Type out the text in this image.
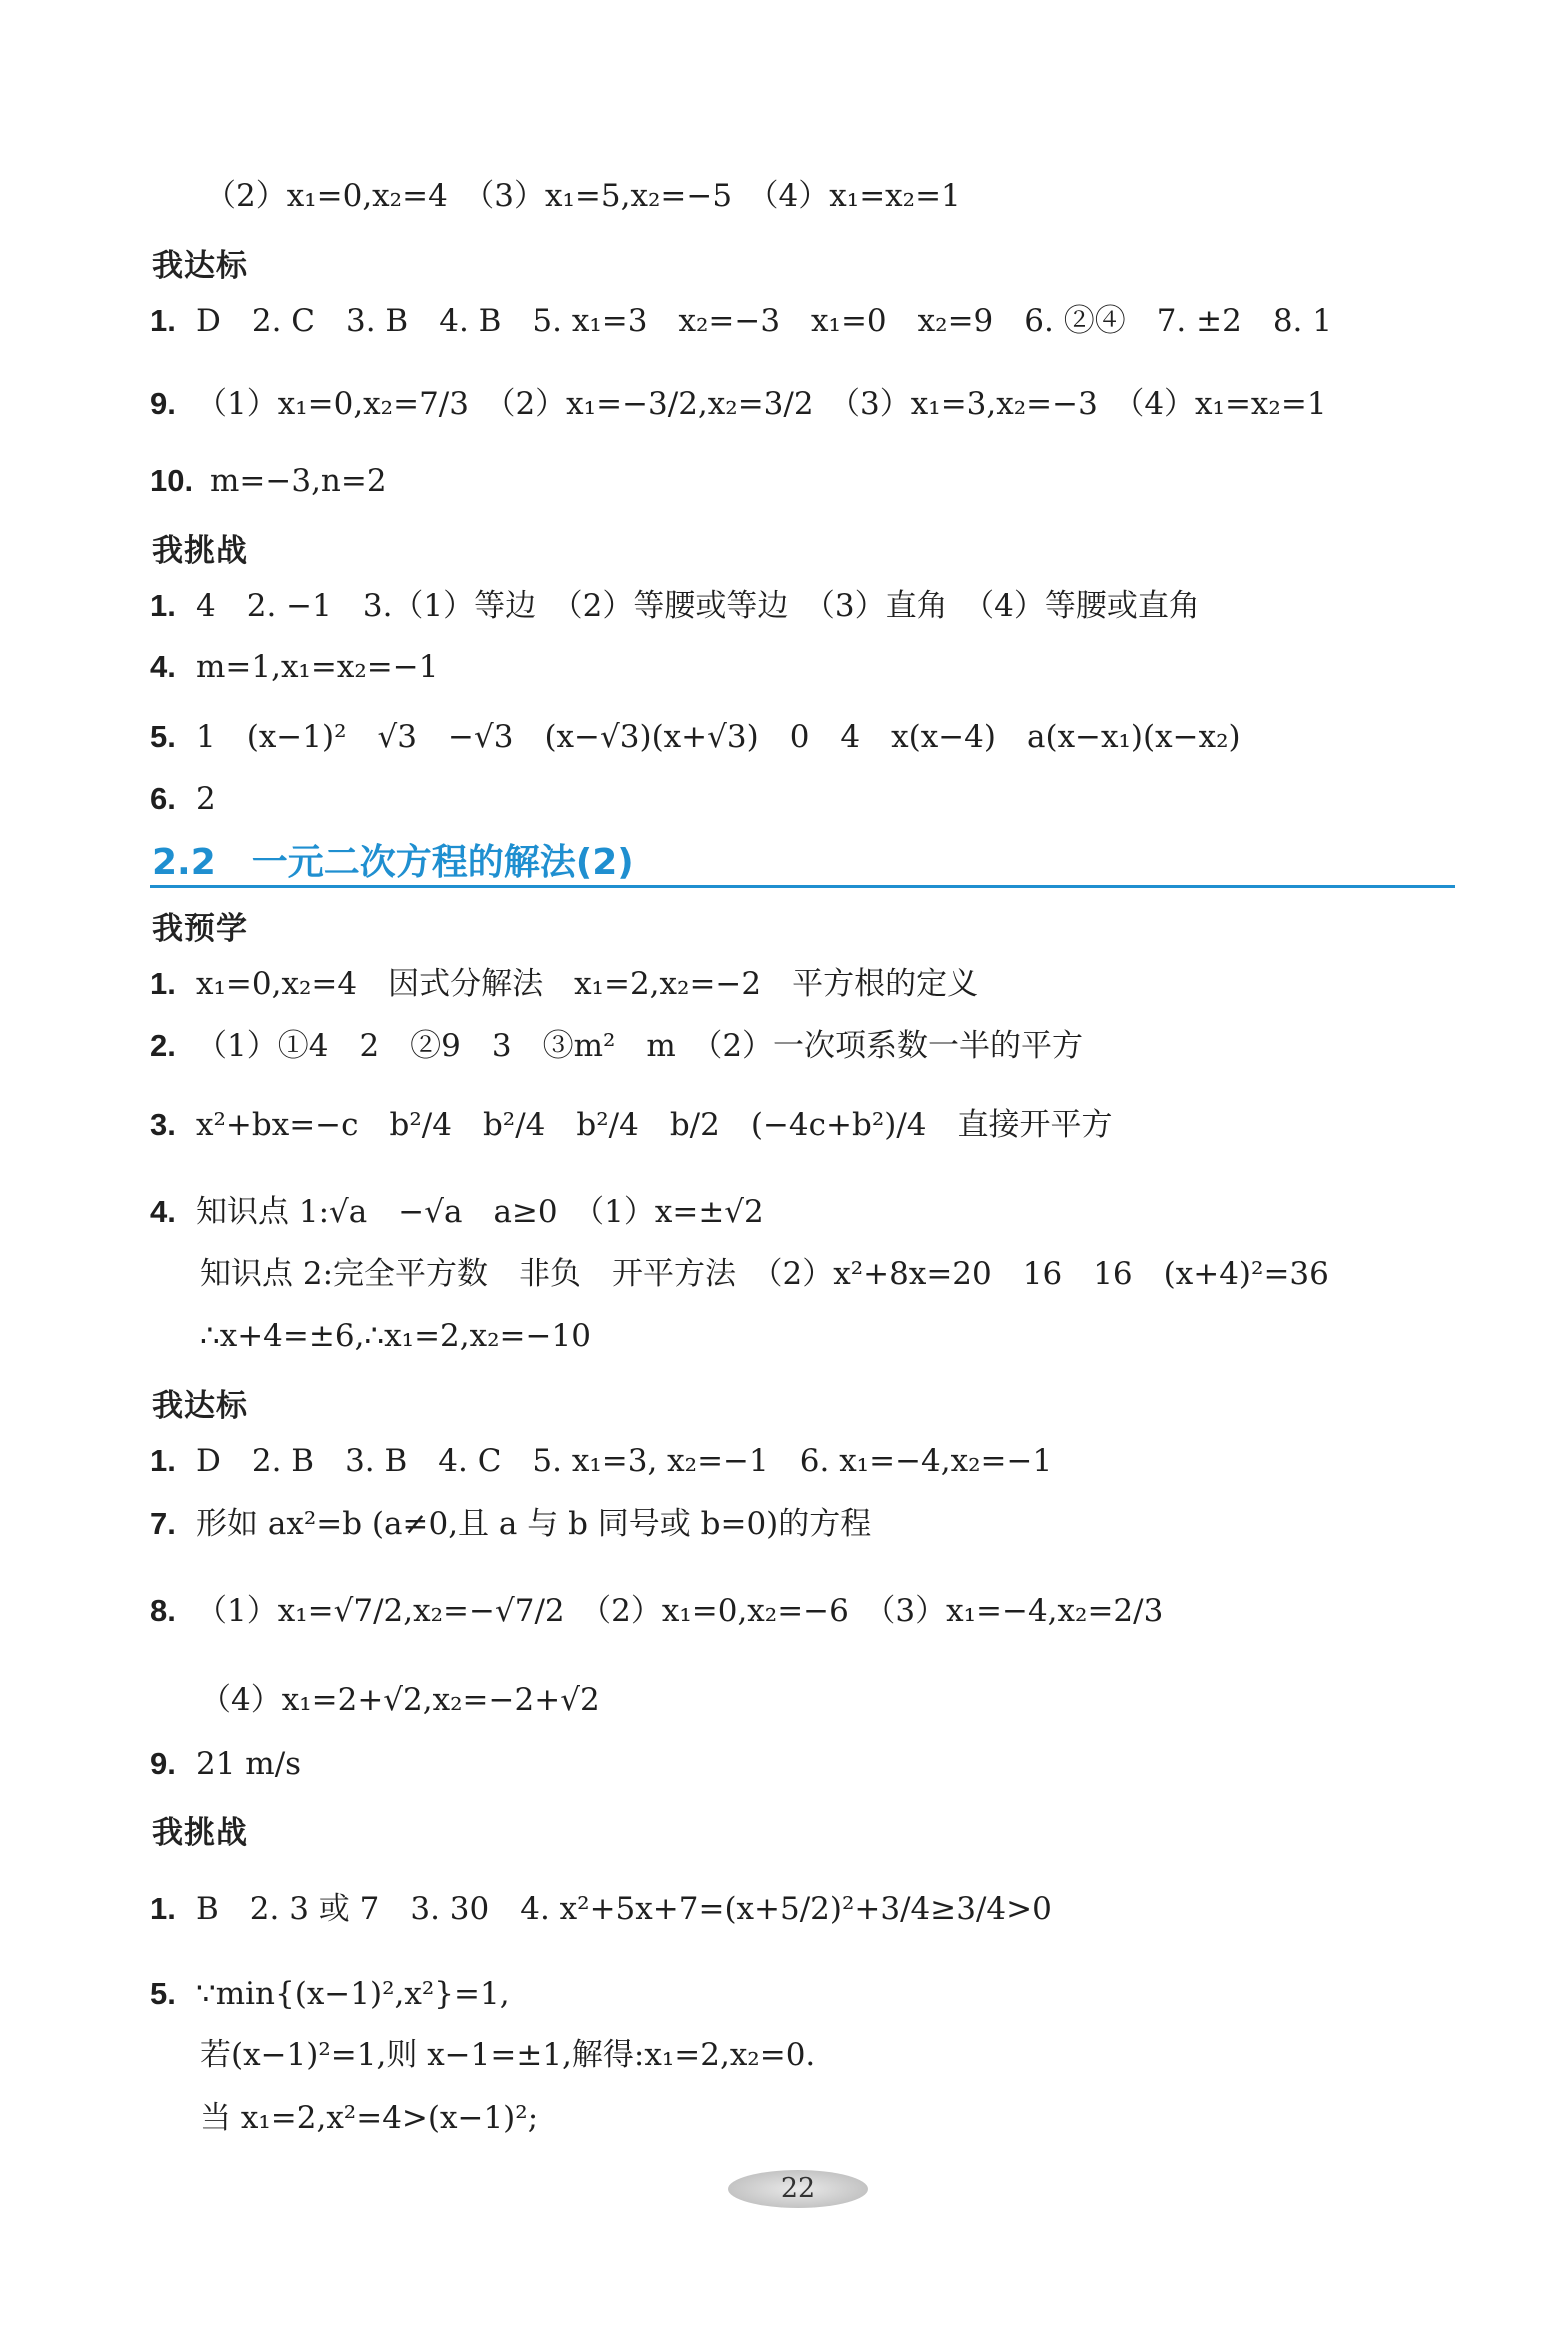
（2）x₁=0,x₂=4　（3）x₁=5,x₂=−5　（4）x₁=x₂=1
我达标
1. D　2. C　3. B　4. B　5. x₁=3　x₂=−3　x₁=0　x₂=9　6. ②④　7. ±2　8. 1
9. （1）x₁=0,x₂=7/3　（2）x₁=−3/2,x₂=3/2　（3）x₁=3,x₂=−3　（4）x₁=x₂=1
10. m=−3,n=2
我挑战
1. 4　2. −1　3.（1）等边　（2）等腰或等边　（3）直角　（4）等腰或直角
4. m=1,x₁=x₂=−1
5. 1　(x−1)²　√3　−√3　(x−√3)(x+√3)　0　4　x(x−4)　a(x−x₁)(x−x₂)
6. 2
2.2　一元二次方程的解法(2)
我预学
1. x₁=0,x₂=4　因式分解法　x₁=2,x₂=−2　平方根的定义
2. （1）①4　2　②9　3　③m²　m　（2）一次项系数一半的平方
3. x²+bx=−c　b²/4　b²/4　b²/4　b/2　(−4c+b²)/4　直接开平方
4. 知识点 1:√a　−√a　a≥0　（1）x=±√2
知识点 2:完全平方数　非负　开平方法　（2）x²+8x=20　16　16　(x+4)²=36
∴x+4=±6,∴x₁=2,x₂=−10
我达标
1. D　2. B　3. B　4. C　5. x₁=3, x₂=−1　6. x₁=−4,x₂=−1
7. 形如 ax²=b (a≠0,且 a 与 b 同号或 b=0)的方程
8. （1）x₁=√7/2,x₂=−√7/2　（2）x₁=0,x₂=−6　（3）x₁=−4,x₂=2/3
（4）x₁=2+√2,x₂=−2+√2
9. 21 m/s
我挑战
1. B　2. 3 或 7　3. 30　4. x²+5x+7=(x+5/2)²+3/4≥3/4>0
5. ∵min{(x−1)²,x²}=1,
若(x−1)²=1,则 x−1=±1,解得:x₁=2,x₂=0.
当 x₁=2,x²=4>(x−1)²;
22
